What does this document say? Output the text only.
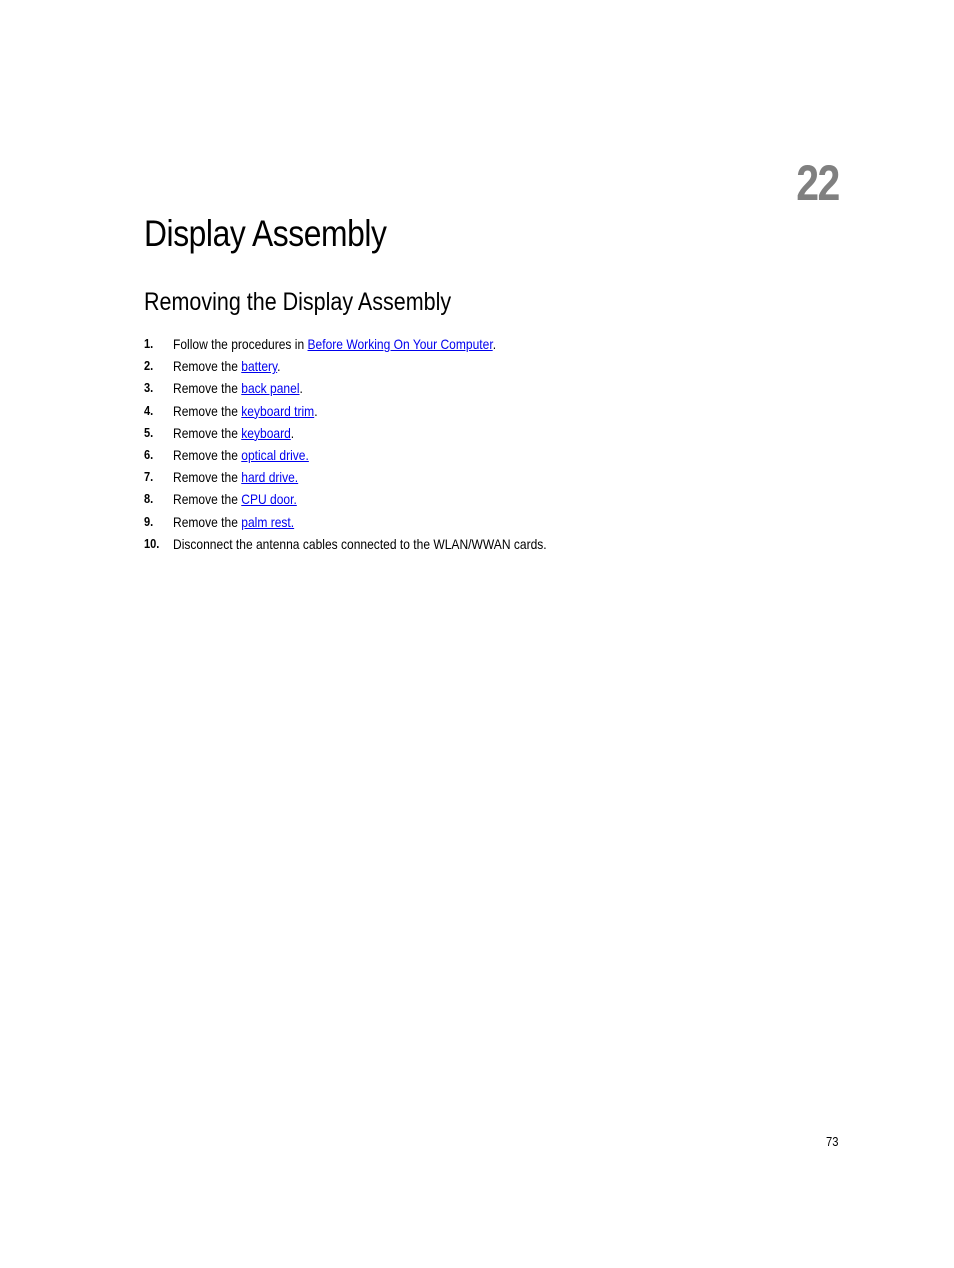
22
Display Assembly
Removing the Display Assembly
1.	Follow the procedures in Before Working On Your Computer.
2.	Remove the battery.
3.	Remove the back panel.
4.	Remove the keyboard trim.
5.	Remove the keyboard.
6.	Remove the optical drive.
7.	Remove the hard drive.
8.	Remove the CPU door.
9.	Remove the palm rest.
10. Disconnect the antenna cables connected to the WLAN/WWAN cards.
73
